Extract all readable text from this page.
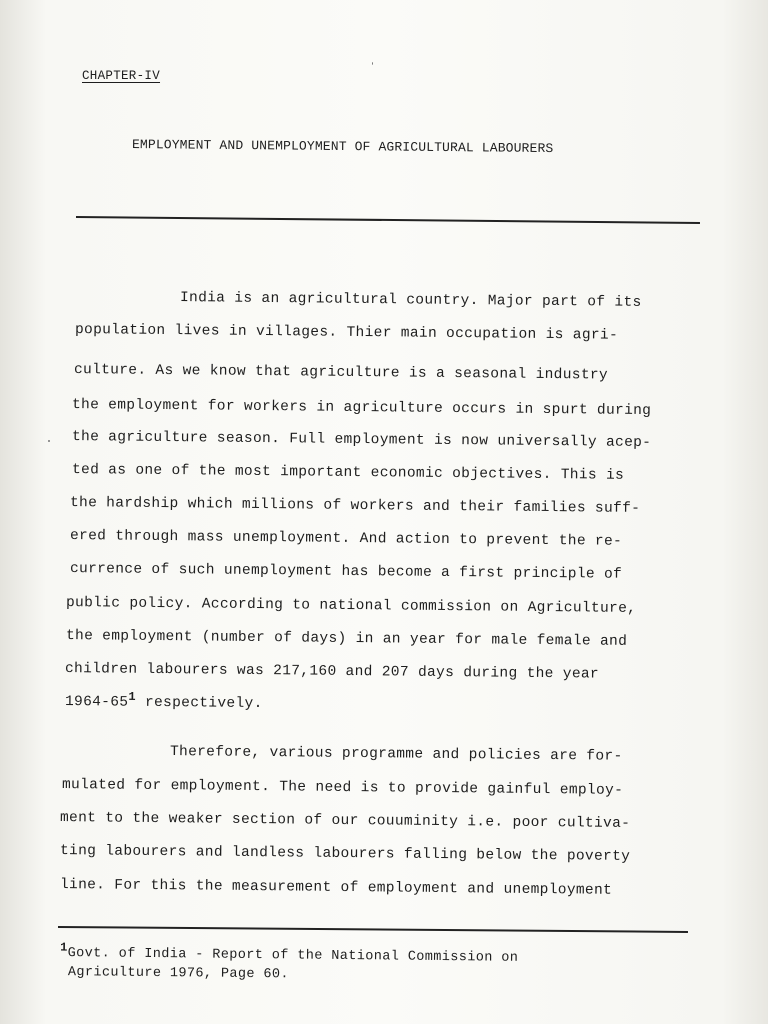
CHAPTER-IV
EMPLOYMENT AND UNEMPLOYMENT OF AGRICULTURAL LABOURERS
India is an agricultural country. Major part of its
population lives in villages. Thier main occupation is agri-
culture. As we know that agriculture is a seasonal industry
the employment for workers in agriculture occurs in spurt during
the agriculture season. Full employment is now universally acep-
ted as one of the most important economic objectives. This is
the hardship which millions of workers and their families suff-
ered through mass unemployment. And action to prevent the re-
currence of such unemployment has become a first principle of
public policy. According to national commission on Agriculture,
the employment (number of days) in an year for male female and
children labourers was 217,160 and 207 days during the year
$1964-65^1$ respectively.
Therefore, various programme and policies are for-
mulated for employment. The need is to provide gainful employ-
ment to the weaker section of our couuminity i.e. poor cultiva-
ting labourers and landless labourers falling below the poverty
line. For this the measurement of employment and unemployment
1Govt. of India - Report of the National Commission on
Agriculture 1976, Page 60.
